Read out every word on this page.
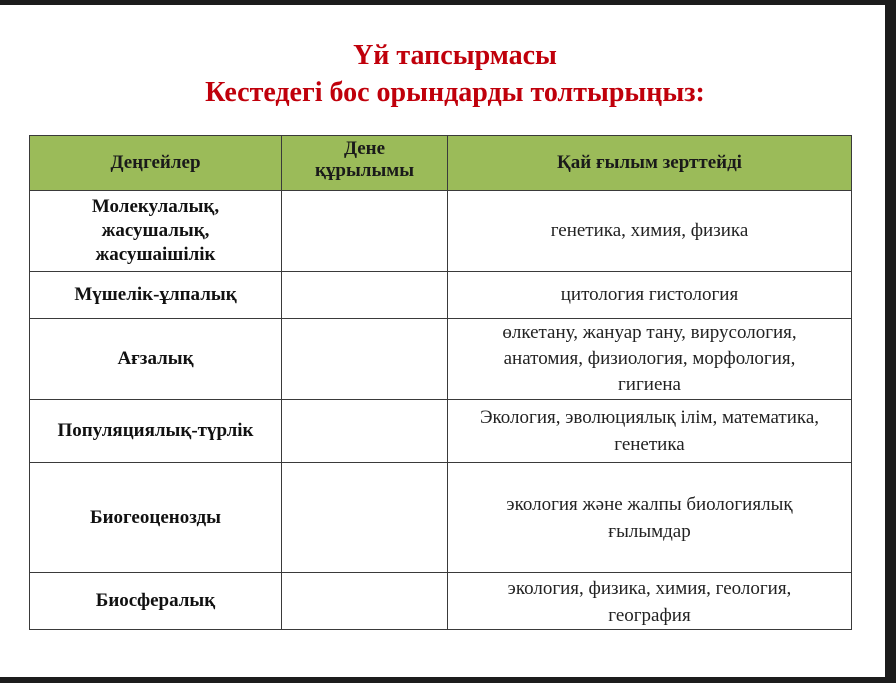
Үй тапсырмасы
Кестедегі бос орындарды толтырыңыз:
Деңгейлер	Дене құрылымы	Қай ғылым зерттейді

Молекулалық, жасушалық, жасушаішілік		генетика, химия, физика
Мүшелік-ұлпалық		цитология гистология
Ағзалық		өлкетану, жануар тану, вирусология, анатомия, физиология, морфология, гигиена

Популяциялық-түрлік		Экология, эволюциялық ілім, математика, генетика
Биогеоценозды		экология және жалпы биологиялық ғылымдар

Биосфералық		экология, физика, химия, геология, география
